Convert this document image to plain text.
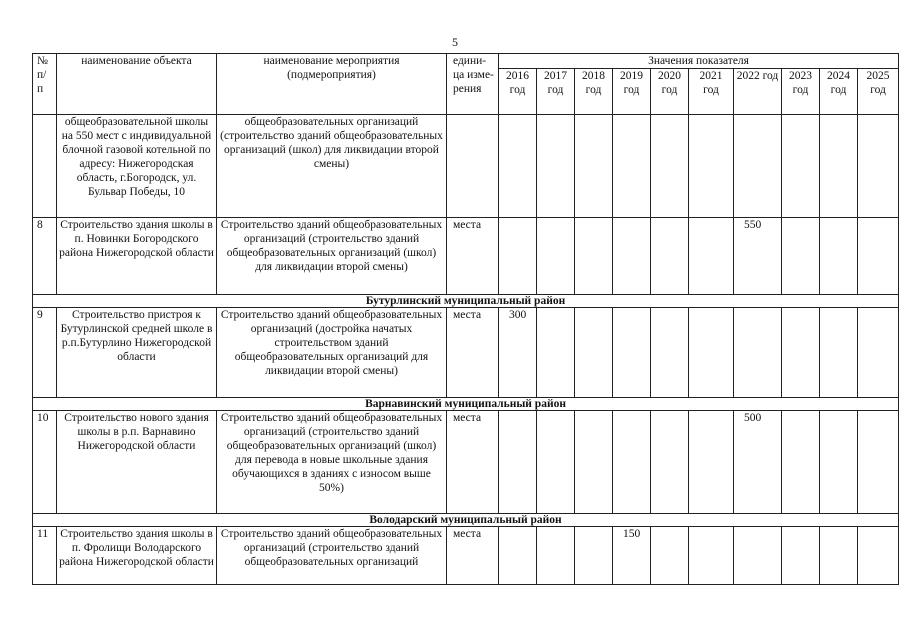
5
№ п/ п	наименование объекта	наименование мероприятия (подмероприятия)	едини- ца изме- рения	Значения показателя									
				2016 год	2017 год	2018 год	2019 год	2020 год	2021 год	2022 год	2023 год	2024 год	2025 год
	общеобразовательной школы на 550 мест с индивидуальной блочной газовой котельной по адресу: Нижегородская область, г.Богородск, ул. Бульвар Победы, 10	общеобразовательных организаций (строительство зданий общеобразовательных организаций (школ) для ликвидации второй смены)											
8	Строительство здания школы в п. Новинки Богородского района Нижегородской области	Строительство зданий общеобразовательных организаций (строительство зданий общеобразовательных организаций (школ) для ликвидации второй смены)	места							550			
Бутурлинский муниципальный район													
9	Строительство пристроя к Бутурлинской средней школе в р.п.Бутурлино Нижегородской области	Строительство зданий общеобразовательных организаций (достройка начатых строительством зданий общеобразовательных организаций для ликвидации второй смены)	места	300									
Варнавинский муниципальный район													
10	Строительство нового здания школы в р.п. Варнавино Нижегородской области	Строительство зданий общеобразовательных организаций (строительство зданий общеобразовательных организаций (школ) для перевода в новые школьные здания обучающихся в зданиях с износом выше 50%)	места							500			
Володарский муниципальный район													
11	Строительство здания школы в п. Фролищи Володарского района Нижегородской области	Строительство зданий общеобразовательных организаций (строительство зданий общеобразовательных организаций	места				150						
